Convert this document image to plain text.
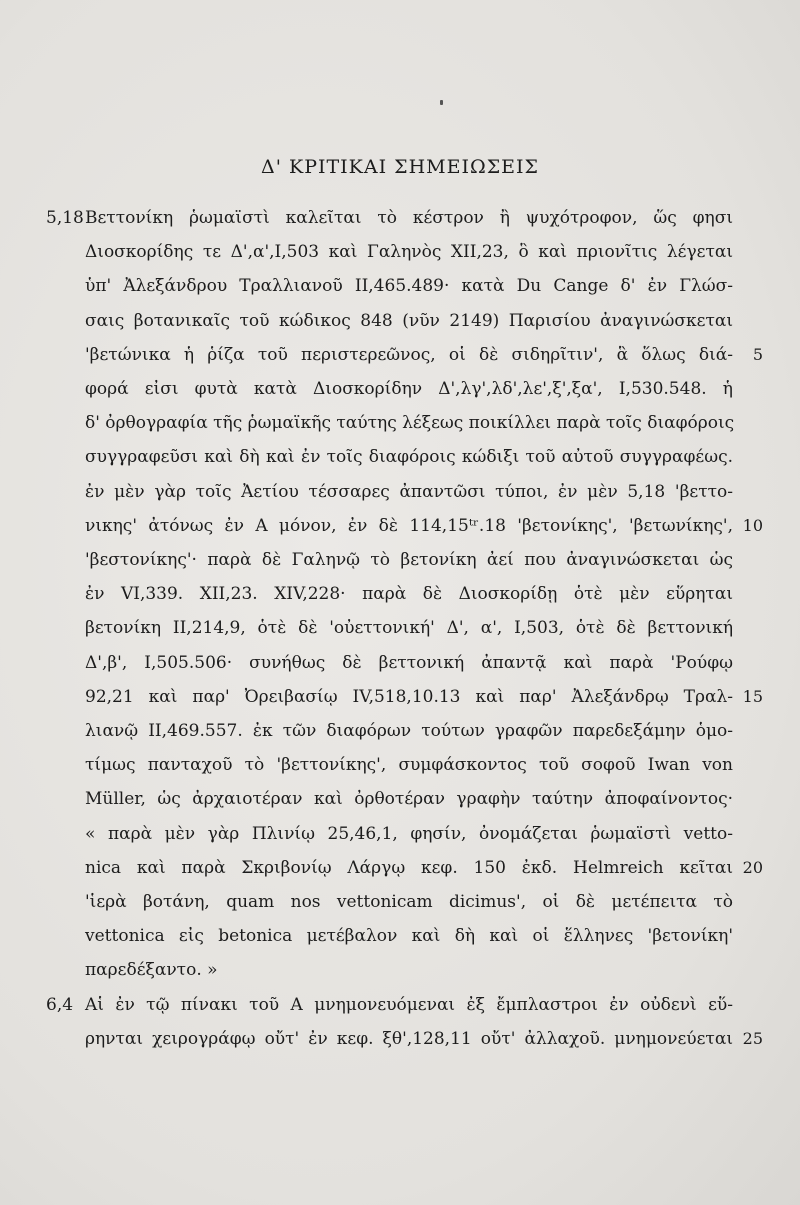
Δ' ΚΡΙΤΙΚΑΙ ΣΗΜΕΙΩΣΕΙΣ
5,18
6,4
5
10
15
20
25
Βεττονίκη ῥωμαϊστὶ καλεῖται τὸ κέστρον ἢ ψυχότροφον, ὥς φησι
Διοσκορίδης τε Δ',α',Ι,503 καὶ Γαληνὸς XII,23, ὃ καὶ πριονῖτις λέγεται
ὑπ' Ἀλεξάνδρου Τραλλιανοῦ II,465.489· κατὰ Du Cange δ' ἐν Γλώσ-
σαις βοτανικαῖς τοῦ κώδικος 848 (νῦν 2149) Παρισίου ἀναγινώσκεται
'βετώνικα ἡ ῥίζα τοῦ περιστερεῶνος, οἱ δὲ σιδηρῖτιν', ἃ ὅλως διά-
φορά εἰσι φυτὰ κατὰ Διοσκορίδην Δ',λγ',λδ',λε',ξ',ξα', I,530.548. ἡ
δ' ὀρθογραφία τῆς ῥωμαϊκῆς ταύτης λέξεως ποικίλλει παρὰ τοῖς διαφόροις
συγγραφεῦσι καὶ δὴ καὶ ἐν τοῖς διαφόροις κώδιξι τοῦ αὐτοῦ συγγραφέως.
ἐν μὲν γὰρ τοῖς Ἀετίου τέσσαρες ἀπαντῶσι τύποι, ἐν μὲν 5,18 'βεττο-
νικης' ἀτόνως ἐν Α μόνον, ἐν δὲ 114,15ᵗʳ.18 'βετονίκης', 'βετωνίκης',
'βεστονίκης'· παρὰ δὲ Γαληνῷ τὸ βετονίκη ἀεί που ἀναγινώσκεται ὡς
ἐν VI,339. XII,23. XIV,228· παρὰ δὲ Διοσκορίδῃ ὁτὲ μὲν εὕρηται
βετονίκη II,214,9, ὁτὲ δὲ 'οὐεττονική' Δ', α', I,503, ὁτὲ δὲ βεττονική
Δ',β', I,505.506· συνήθως δὲ βεττονική ἀπαντᾷ καὶ παρὰ 'Ρούφῳ
92,21 καὶ παρ' Ὀρειβασίῳ IV,518,10.13 καὶ παρ' Ἀλεξάνδρῳ Τραλ-
λιανῷ II,469.557. ἐκ τῶν διαφόρων τούτων γραφῶν παρεδεξάμην ὁμο-
τίμως πανταχοῦ τὸ 'βεττονίκης', συμφάσκοντος τοῦ σοφοῦ Iwan von
Müller, ὡς ἀρχαιοτέραν καὶ ὀρθοτέραν γραφὴν ταύτην ἀποφαίνοντος·
« παρὰ μὲν γὰρ Πλινίῳ 25,46,1, φησίν, ὀνομάζεται ῥωμαϊστὶ vetto-
nica καὶ παρὰ Σκριβονίῳ Λάργῳ κεφ. 150 ἐκδ. Helmreich κεῖται
'ἱερὰ βοτάνη, quam nos vettonicam dicimus', οἱ δὲ μετέπειτα τὸ
vettonica εἰς betonica μετέβαλον καὶ δὴ καὶ οἱ ἕλληνες 'βετονίκη'
παρεδέξαντο. »
Αἱ ἐν τῷ πίνακι τοῦ Α μνημονευόμεναι ἐξ ἔμπλαστροι ἐν οὐδενὶ εὕ-
ρηνται χειρογράφῳ οὔτ' ἐν κεφ. ξθ',128,11 οὔτ' ἀλλαχοῦ. μνημονεύεται
